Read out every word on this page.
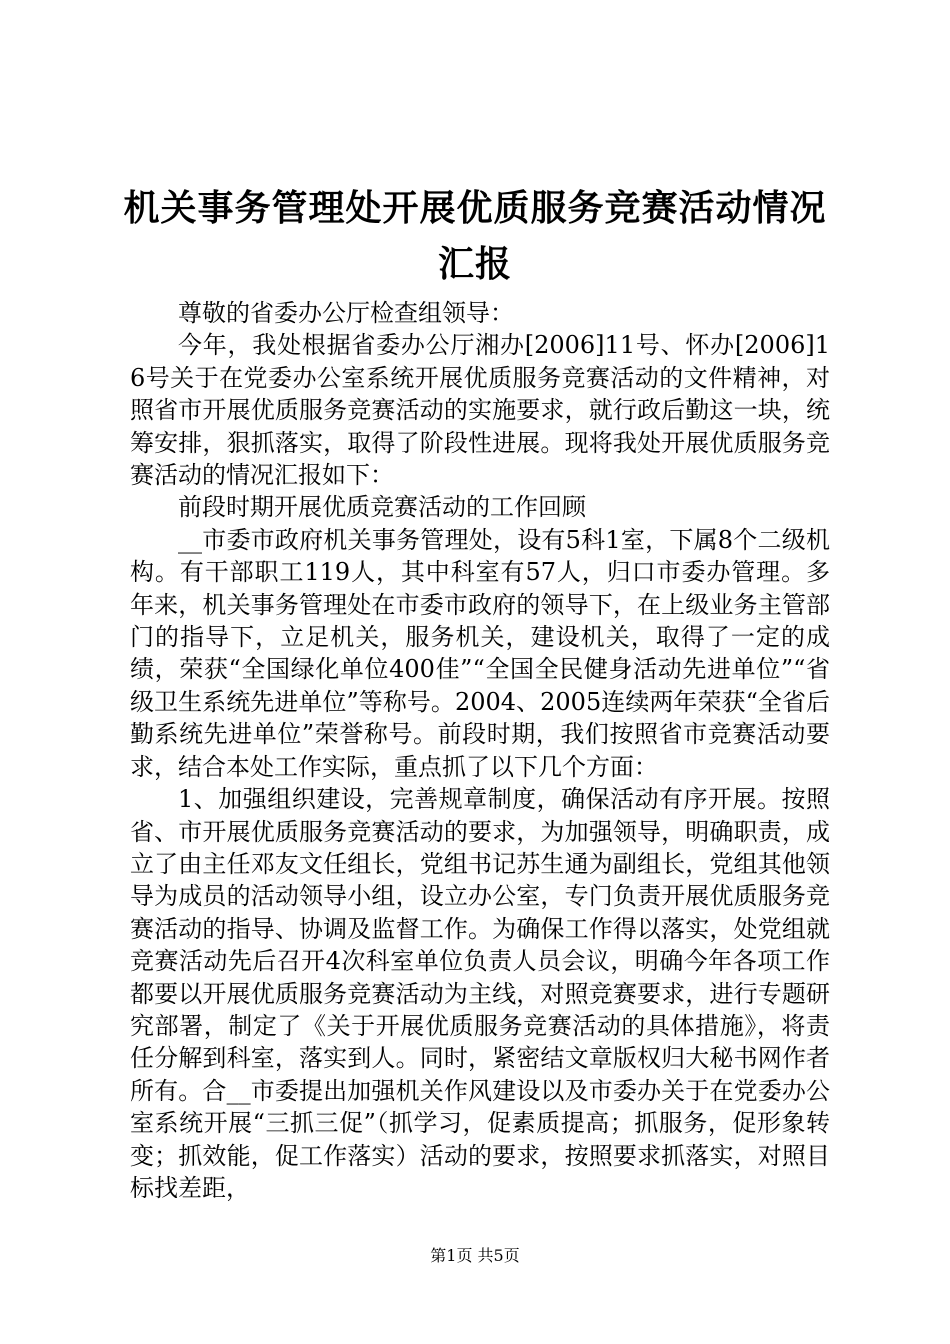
机关事务管理处开展优质服务竞赛活动情况汇报

尊敬的省委办公厅检查组领导：

今年，我处根据省委办公厅湘办[2006]11号、怀办[2006]16号关于在党委办公室系统开展优质服务竞赛活动的文件精神，对照省市开展优质服务竞赛活动的实施要求，就行政后勤这一块，统筹安排，狠抓落实，取得了阶段性进展。现将我处开展优质服务竞赛活动的情况汇报如下：

前段时期开展优质竞赛活动的工作回顾

__市委市政府机关事务管理处，设有5科1室，下属8个二级机构。有干部职工119人，其中科室有57人，归口市委办管理。多年来，机关事务管理处在市委市政府的领导下，在上级业务主管部门的指导下，立足机关，服务机关，建设机关，取得了一定的成绩，荣获“全国绿化单位400佳”“全国全民健身活动先进单位”“省级卫生系统先进单位”等称号。2004、2005连续两年荣获“全省后勤系统先进单位”荣誉称号。前段时期，我们按照省市竞赛活动要求，结合本处工作实际，重点抓了以下几个方面：

1、加强组织建设，完善规章制度，确保活动有序开展。按照省、市开展优质服务竞赛活动的要求，为加强领导，明确职责，成立了由主任邓友文任组长，党组书记苏生通为副组长，党组其他领导为成员的活动领导小组，设立办公室，专门负责开展优质服务竞赛活动的指导、协调及监督工作。为确保工作得以落实，处党组就竞赛活动先后召开4次科室单位负责人员会议，明确今年各项工作都要以开展优质服务竞赛活动为主线，对照竞赛要求，进行专题研究部署，制定了《关于开展优质服务竞赛活动的具体措施》，将责任分解到科室，落实到人。同时，紧密结文章版权归大秘书网作者所有。合__市委提出加强机关作风建设以及市委办关于在党委办公室系统开展“三抓三促”（抓学习，促素质提高；抓服务，促形象转变；抓效能，促工作落实）活动的要求，按照要求抓落实，对照目标找差距，

第1页 共5页
